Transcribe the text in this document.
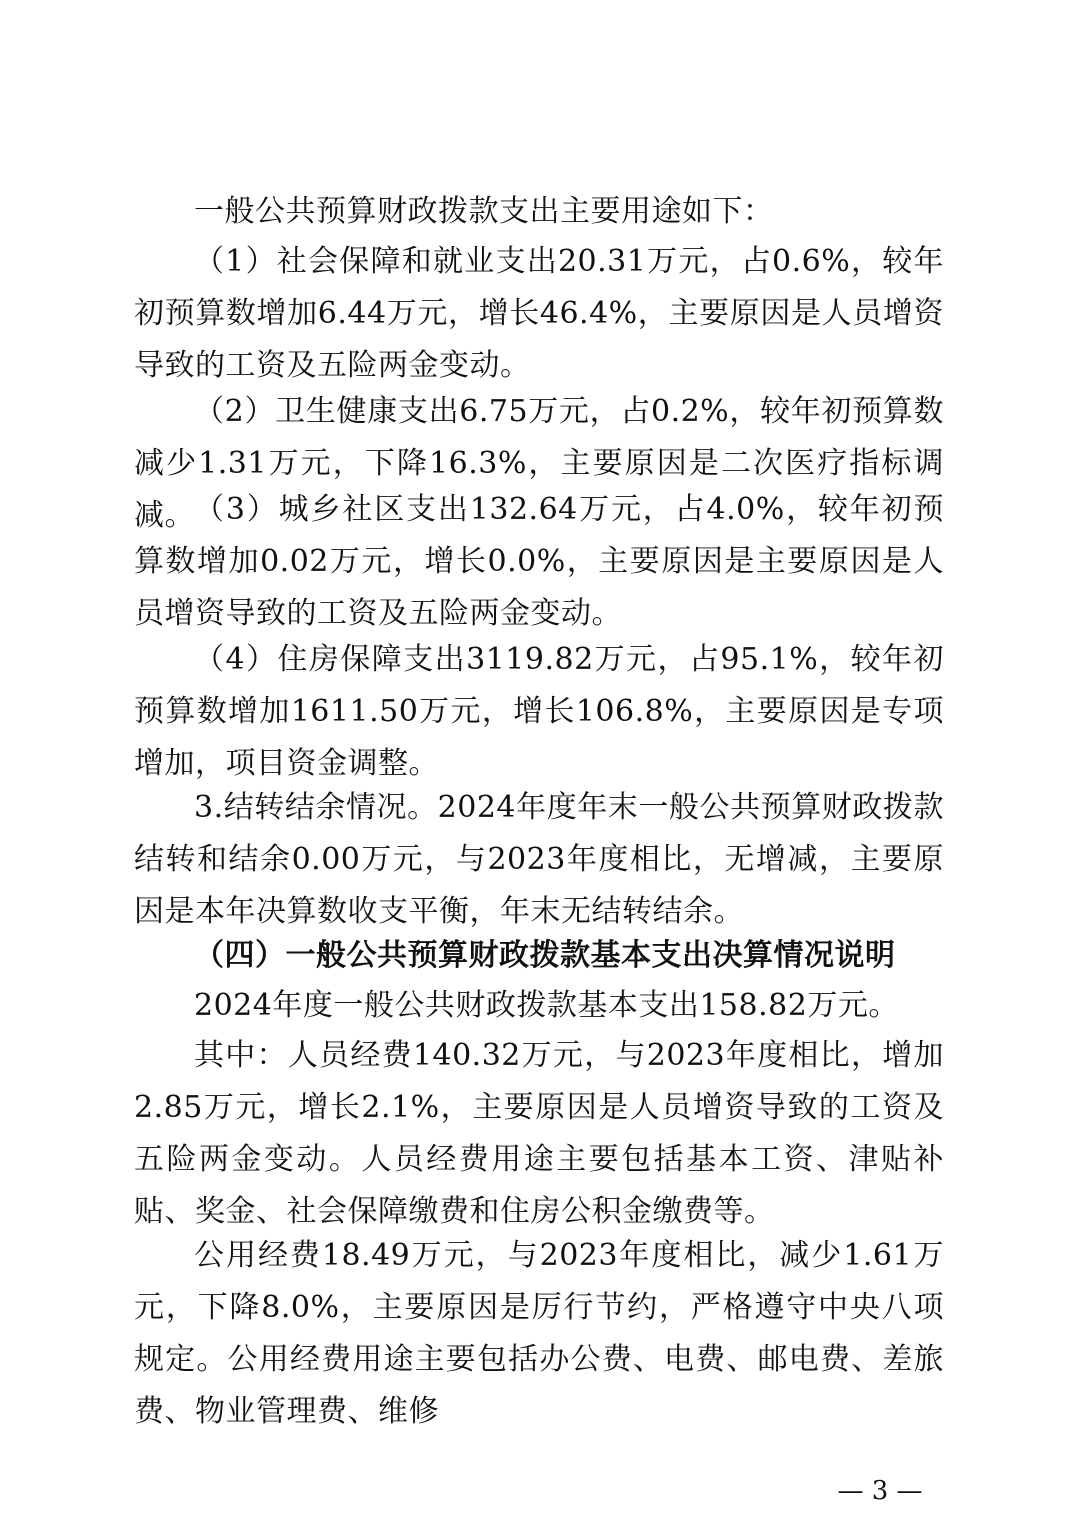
一般公共预算财政拨款支出主要用途如下：

（1）社会保障和就业支出20.31万元，占0.6%，较年初预算数增加6.44万元，增长46.4%，主要原因是人员增资导致的工资及五险两金变动。

（2）卫生健康支出6.75万元，占0.2%，较年初预算数减少1.31万元，下降16.3%，主要原因是二次医疗指标调减。 （3）城乡社区支出132.64万元，占4.0%，较年初预算数增加0.02万元，增长0.0%，主要原因是主要原因是人员增资导致的工资及五险两金变动。

（4）住房保障支出3119.82万元，占95.1%，较年初预算数增加1611.50万元，增长106.8%，主要原因是专项增加，项目资金调整。

3.结转结余情况。2024年度年末一般公共预算财政拨款结转和结余0.00万元，与2023年度相比，无增减，主要原因是本年决算数收支平衡，年末无结转结余。

（四）一般公共预算财政拨款基本支出决算情况说明

2024年度一般公共财政拨款基本支出158.82万元。

其中：人员经费140.32万元，与2023年度相比，增加2.85万元，增长2.1%，主要原因是人员增资导致的工资及五险两金变动。人员经费用途主要包括基本工资、津贴补贴、奖金、社会保障缴费和住房公积金缴费等。

公用经费18.49万元，与2023年度相比，减少1.61万元，下降8.0%，主要原因是厉行节约，严格遵守中央八项规定。公用经费用途主要包括办公费、电费、邮电费、差旅费、物业管理费、维修

— 3 —
